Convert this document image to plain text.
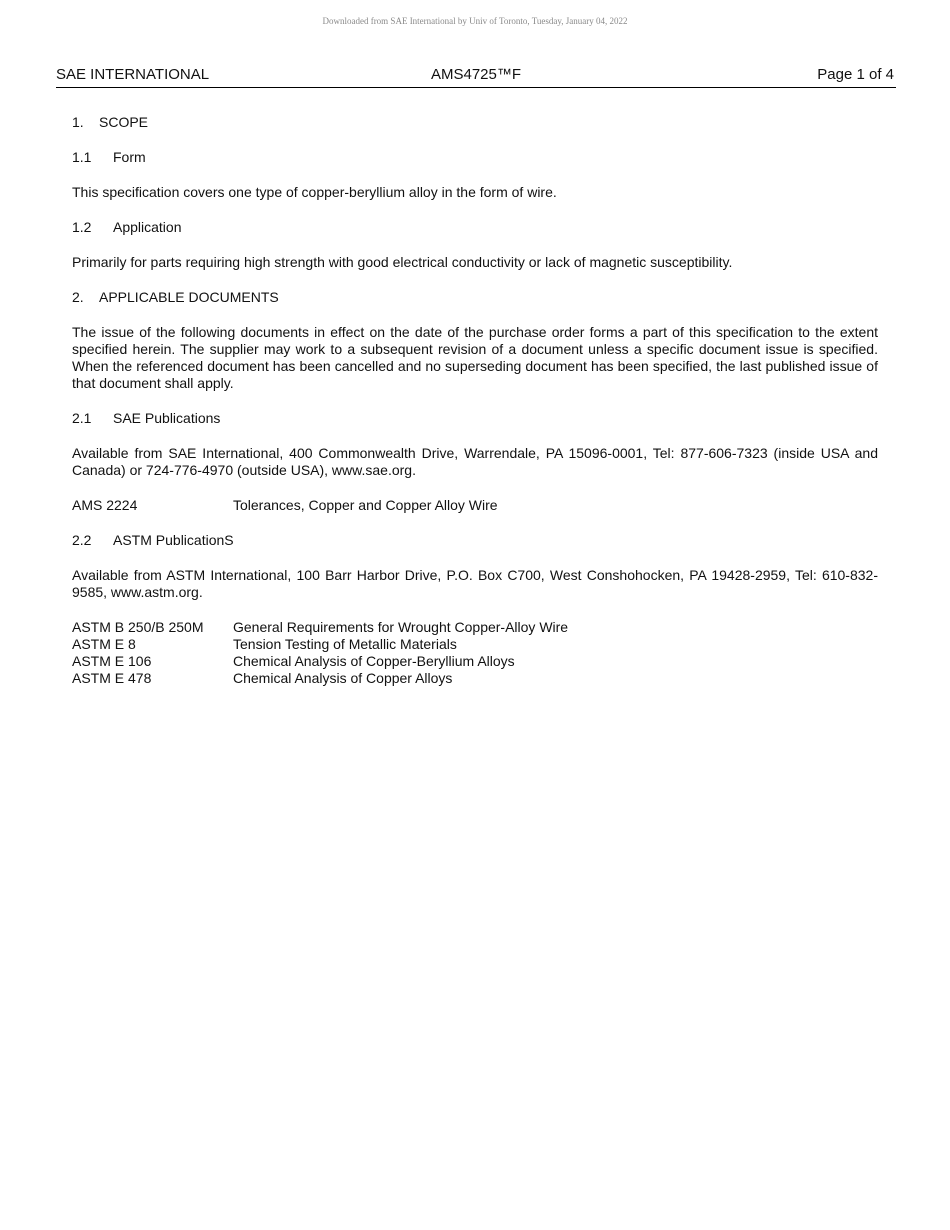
Downloaded from SAE International by Univ of Toronto, Tuesday, January 04, 2022
SAE INTERNATIONAL	AMS4725™F	Page 1 of 4
1. SCOPE
1.1 Form
This specification covers one type of copper-beryllium alloy in the form of wire.
1.2 Application
Primarily for parts requiring high strength with good electrical conductivity or lack of magnetic susceptibility.
2. APPLICABLE DOCUMENTS
The issue of the following documents in effect on the date of the purchase order forms a part of this specification to the extent specified herein. The supplier may work to a subsequent revision of a document unless a specific document issue is specified. When the referenced document has been cancelled and no superseding document has been specified, the last published issue of that document shall apply.
2.1 SAE Publications
Available from SAE International, 400 Commonwealth Drive, Warrendale, PA 15096-0001, Tel: 877-606-7323 (inside USA and Canada) or 724-776-4970 (outside USA), www.sae.org.
AMS 2224	Tolerances, Copper and Copper Alloy Wire
2.2 ASTM PublicationS
Available from ASTM International, 100 Barr Harbor Drive, P.O. Box C700, West Conshohocken, PA 19428-2959, Tel: 610-832-9585, www.astm.org.
ASTM B 250/B 250M General Requirements for Wrought Copper-Alloy Wire
ASTM E 8	Tension Testing of Metallic Materials
ASTM E 106	Chemical Analysis of Copper-Beryllium Alloys
ASTM E 478	Chemical Analysis of Copper Alloys
